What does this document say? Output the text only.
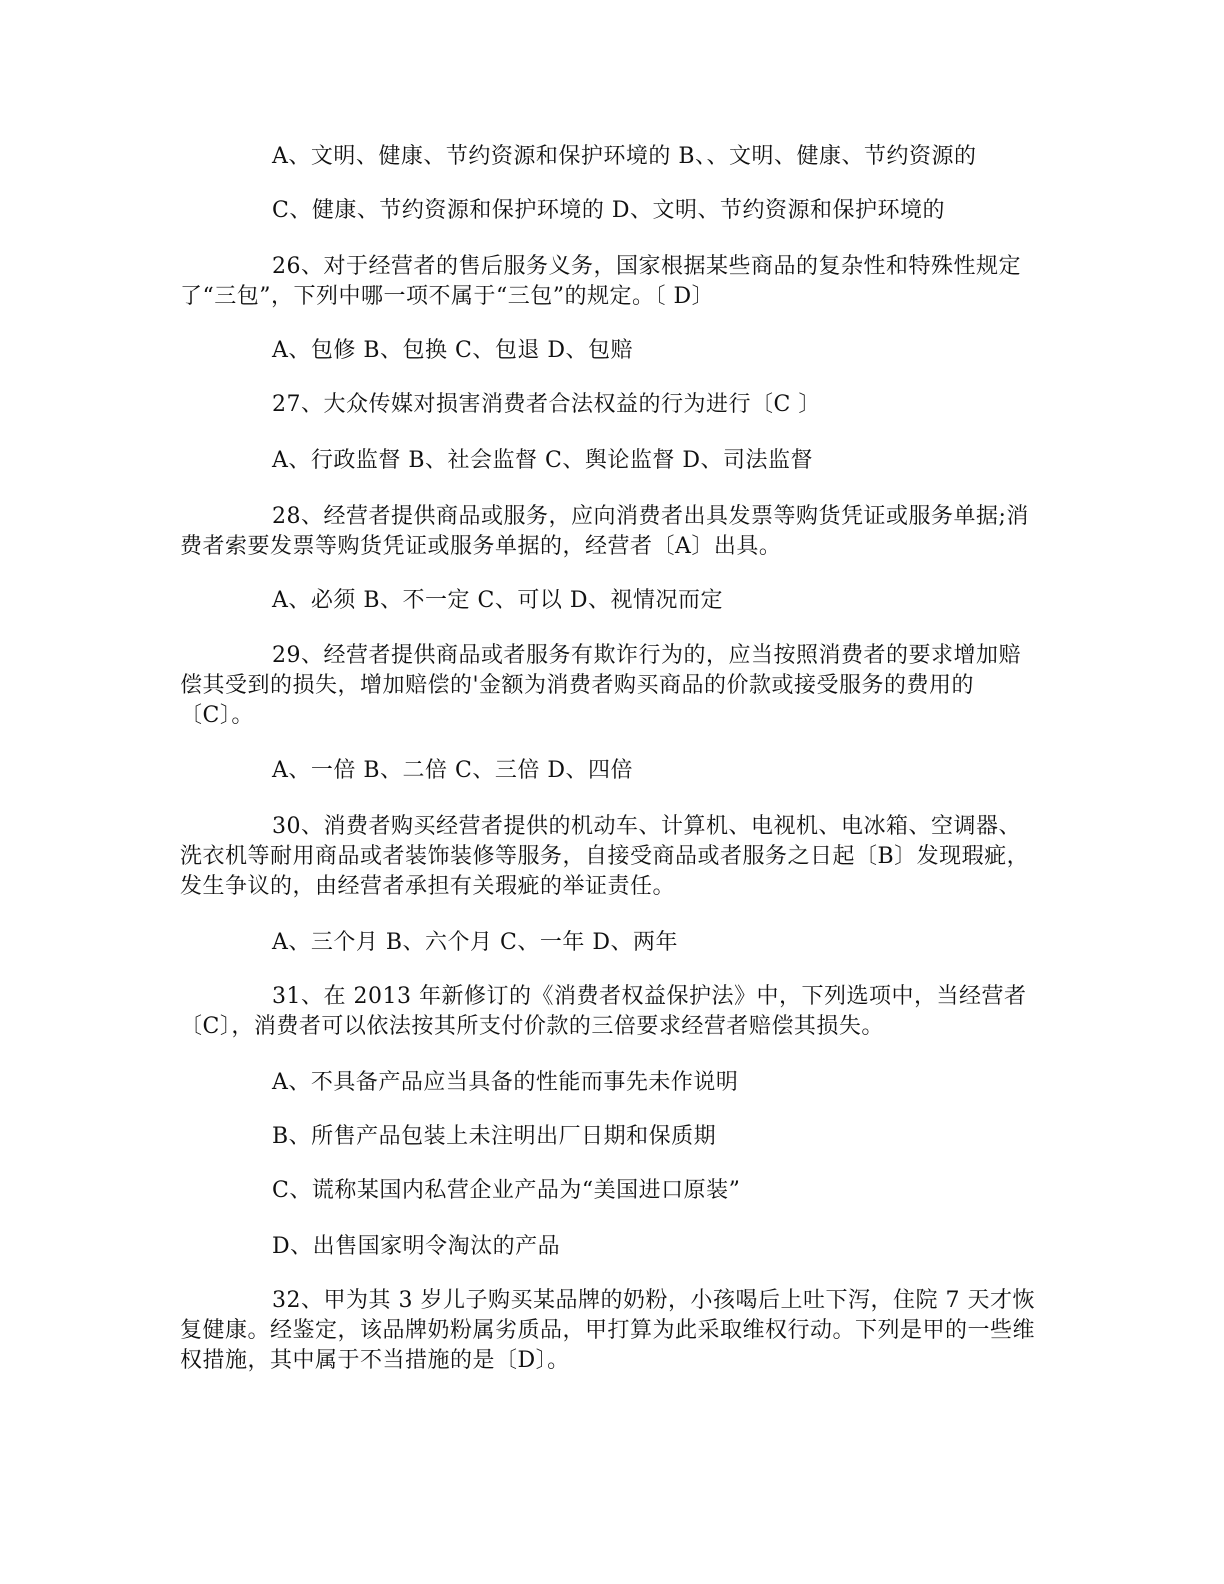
A、文明、健康、节约资源和保护环境的 B、、文明、健康、节约资源的
C、健康、节约资源和保护环境的 D、文明、节约资源和保护环境的
26、对于经营者的售后服务义务，国家根据某些商品的复杂性和特殊性规定了“三包”，下列中哪一项不属于“三包”的规定。〔 D〕
A、包修 B、包换 C、包退 D、包赔
27、大众传媒对损害消费者合法权益的行为进行〔C 〕
A、行政监督 B、社会监督 C、舆论监督 D、司法监督
28、经营者提供商品或服务，应向消费者出具发票等购货凭证或服务单据;消费者索要发票等购货凭证或服务单据的，经营者〔A〕出具。
A、必须 B、不一定 C、可以 D、视情况而定
29、经营者提供商品或者服务有欺诈行为的，应当按照消费者的要求增加赔偿其受到的损失，增加赔偿的'金额为消费者购买商品的价款或接受服务的费用的〔C〕。
A、一倍 B、二倍 C、三倍 D、四倍
30、消费者购买经营者提供的机动车、计算机、电视机、电冰箱、空调器、洗衣机等耐用商品或者装饰装修等服务，自接受商品或者服务之日起〔B〕发现瑕疵，发生争议的，由经营者承担有关瑕疵的举证责任。
A、三个月 B、六个月 C、一年 D、两年
31、在 2013 年新修订的《消费者权益保护法》中，下列选项中，当经营者〔C〕，消费者可以依法按其所支付价款的三倍要求经营者赔偿其损失。
A、不具备产品应当具备的性能而事先未作说明
B、所售产品包装上未注明出厂日期和保质期
C、谎称某国内私营企业产品为“美国进口原装”
D、出售国家明令淘汰的产品
32、甲为其 3 岁儿子购买某品牌的奶粉，小孩喝后上吐下泻，住院 7 天才恢复健康。经鉴定，该品牌奶粉属劣质品，甲打算为此采取维权行动。下列是甲的一些维权措施，其中属于不当措施的是〔D〕。
